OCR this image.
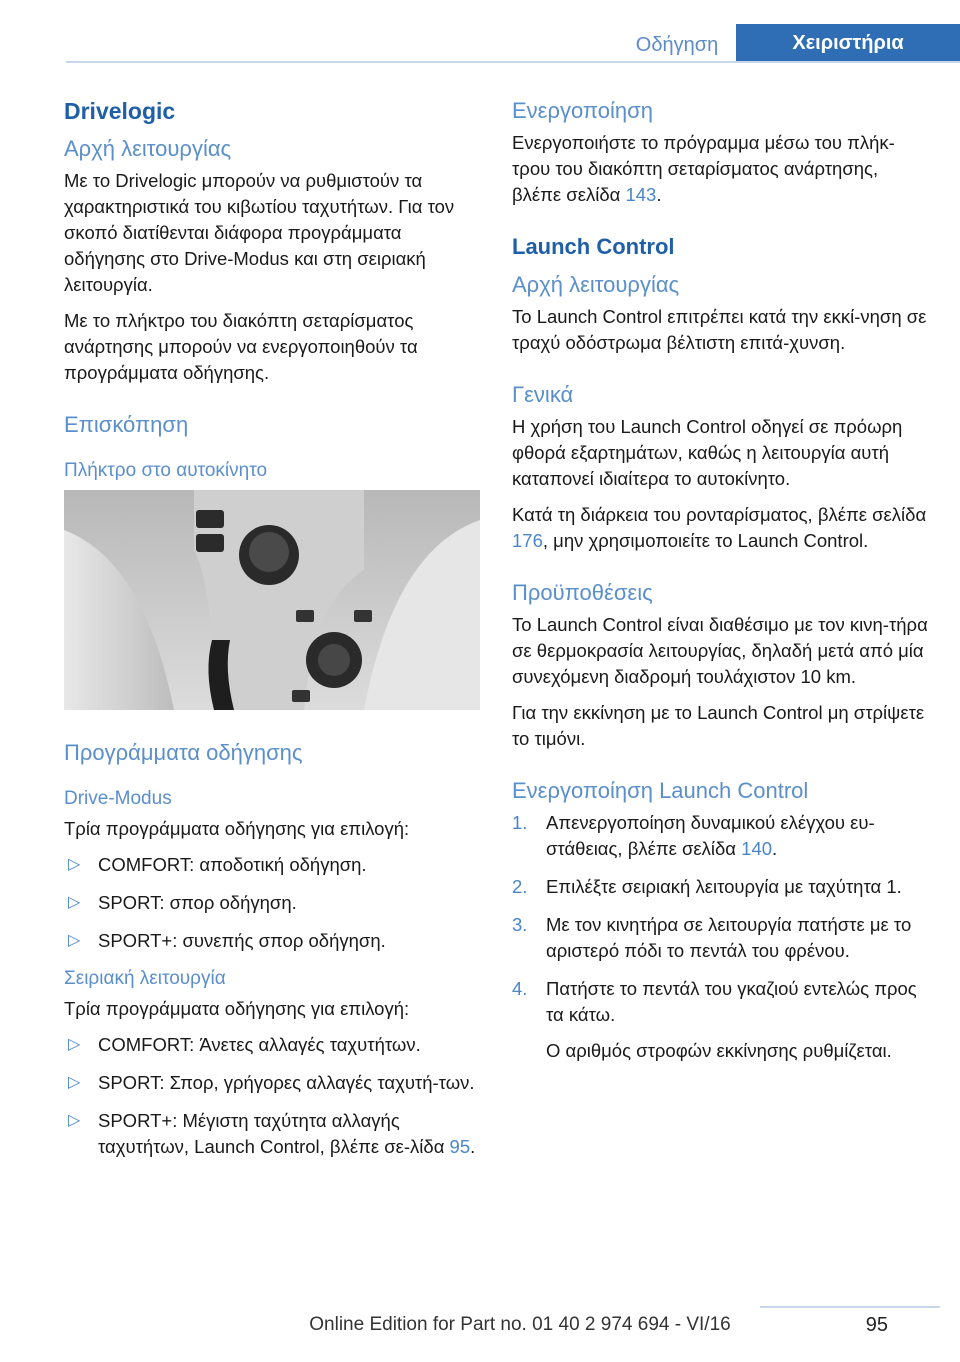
Οδήγηση	Χειριστήρια
Drivelogic
Αρχή λειτουργίας

Με το Drivelogic μπορούν να ρυθμιστούν τα χαρακτηριστικά του κιβωτίου ταχυτήτων. Για τον σκοπό διατίθενται διάφορα προγράμματα οδήγησης στο Drive-Modus και στη σειριακή λειτουργία.

Με το πλήκτρο του διακόπτη σεταρίσματος ανάρτησης μπορούν να ενεργοποιηθούν τα προγράμματα οδήγησης.

Επισκόπηση
Πλήκτρο στο αυτοκίνητο
Προγράμματα οδήγησης
Drive-Modus

Τρία προγράμματα οδήγησης για επιλογή:

▷ COMFORT: αποδοτική οδήγηση.
▷ SPORT: σπορ οδήγηση.
▷ SPORT+: συνεπής σπορ οδήγηση.
Σειριακή λειτουργία

Τρία προγράμματα οδήγησης για επιλογή:

▷ COMFORT: Άνετες αλλαγές ταχυτήτων.
▷ SPORT: Σπορ, γρήγορες αλλαγές ταχυτή-των.
▷ SPORT+: Μέγιστη ταχύτητα αλλαγής ταχυτήτων, Launch Control, βλέπε σε-λίδα 95.
Ενεργοποίηση

Ενεργοποιήστε το πρόγραμμα μέσω του πλήκ-τρου του διακόπτη σεταρίσματος ανάρτησης, βλέπε σελίδα 143.

Launch Control
Αρχή λειτουργίας

Το Launch Control επιτρέπει κατά την εκκί-νηση σε τραχύ οδόστρωμα βέλτιστη επιτά-χυνση.

Γενικά

Η χρήση του Launch Control οδηγεί σε πρόωρη φθορά εξαρτημάτων, καθώς η λειτουργία αυτή καταπονεί ιδιαίτερα το αυτοκίνητο.

Κατά τη διάρκεια του ρονταρίσματος, βλέπε σελίδα 176, μην χρησιμοποιείτε το Launch Control.

Προϋποθέσεις

Το Launch Control είναι διαθέσιμο με τον κινη-τήρα σε θερμοκρασία λειτουργίας, δηλαδή μετά από μία συνεχόμενη διαδρομή τουλάχιστον 10 km.

Για την εκκίνηση με το Launch Control μη στρίψετε το τιμόνι.

Ενεργοποίηση Launch Control
1. Απενεργοποίηση δυναμικού ελέγχου ευ-στάθειας, βλέπε σελίδα 140.
2. Επιλέξτε σειριακή λειτουργία με ταχύτητα 1.
3. Με τον κινητήρα σε λειτουργία πατήστε με το αριστερό πόδι το πεντάλ του φρένου.
4. Πατήστε το πεντάλ του γκαζιού εντελώς προς τα κάτω.
Ο αριθμός στροφών εκκίνησης ρυθμίζεται.
Online Edition for Part no. 01 40 2 974 694 - VI/16	95
